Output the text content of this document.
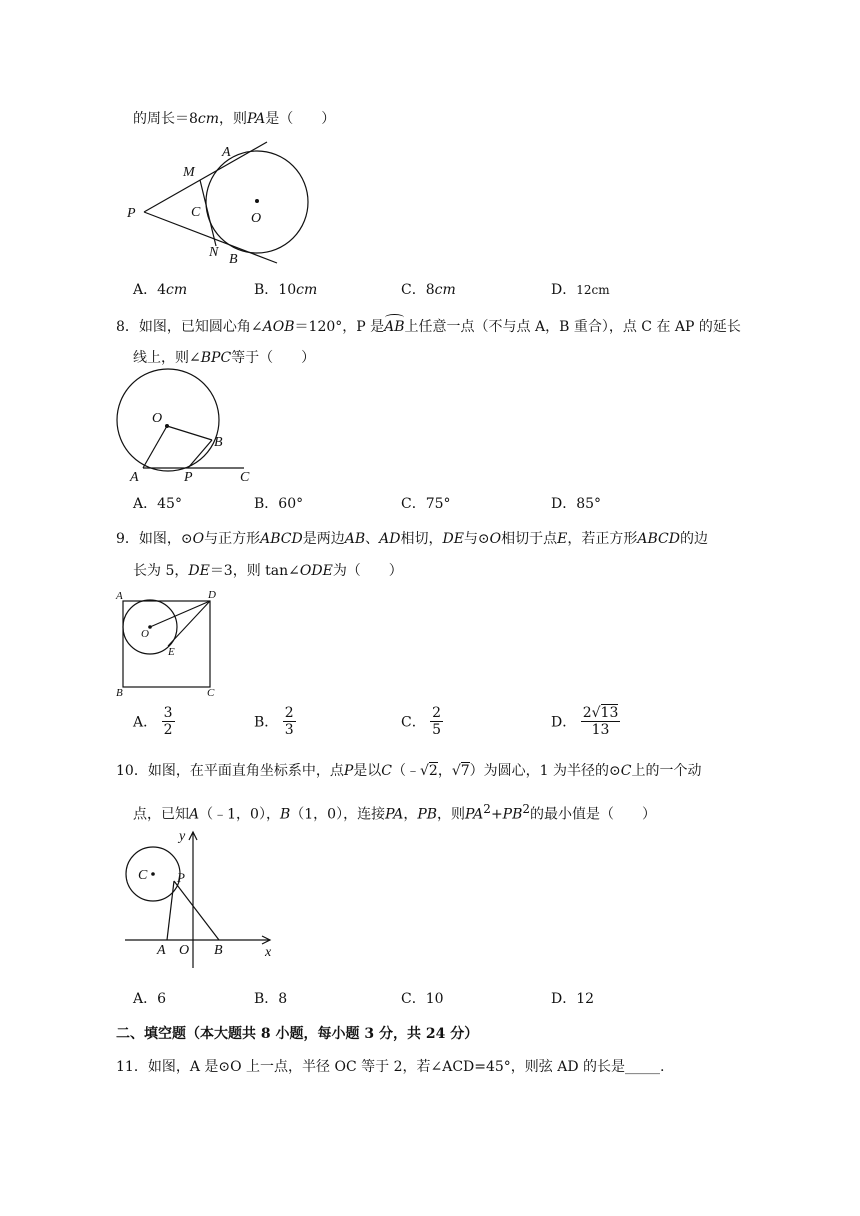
的周长＝8cm，则PA是（　　）
A
M
P	C	O
N B
A．4cm	B．10cm	C．8cm	D．12cm
8．如图，已知圆心角∠AOB＝120°，P 是AB上任意一点（不与点 A，B 重合），点 C 在 AP 的延长
线上，则∠BPC等于（　　）
O
B
A	P	C
A．45°	B．60°	C．75°	D．85°
9．如图，⊙O与正方形ABCD是两边AB、AD相切，DE与⊙O相切于点E，若正方形ABCD的边
长为 5，DE＝3，则 tan∠ODE为（　　）
A	D
O
E
B	C
A． $\frac{3}{2}$	B． $\frac{2}{3}$	C． $\frac{2}{5}$	D． $\frac{2√13}{13}$
10．如图，在平面直角坐标系中，点P是以C（﹣√2，√7）为圆心，1 为半径的⊙C上的一个动
点，已知A（﹣1，0），B（1，0），连接PA，PB，则$PA^2+PB^2$的最小值是（　　）
y
C P
A O B	x
A．6	B．8	C．10	D．12
二、填空题（本大题共 8 小题，每小题 3 分，共 24 分）
11．如图，A 是⊙O 上一点，半径 OC 等于 2，若∠ACD=45°，则弦 AD 的长是_____.
